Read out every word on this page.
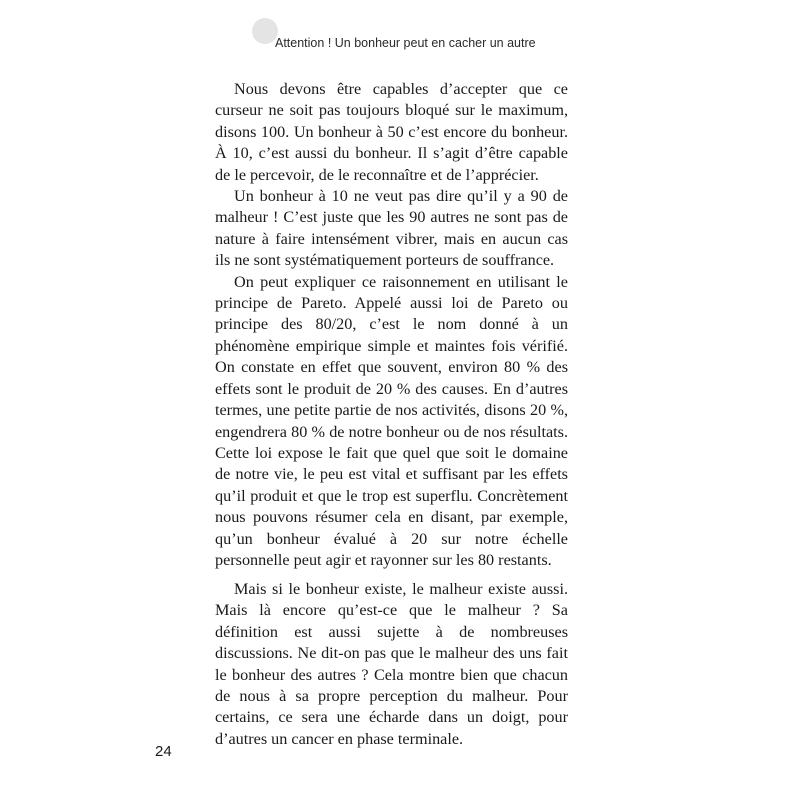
Attention ! Un bonheur peut en cacher un autre

Nous devons être capables d’accepter que ce curseur ne soit pas toujours bloqué sur le maximum, disons 100. Un bonheur à 50 c’est encore du bonheur. À 10, c’est aussi du bonheur. Il s’agit d’être capable de le percevoir, de le reconnaître et de l’apprécier.

Un bonheur à 10 ne veut pas dire qu’il y a 90 de malheur ! C’est juste que les 90 autres ne sont pas de nature à faire intensément vibrer, mais en aucun cas ils ne sont systématiquement porteurs de souffrance.

On peut expliquer ce raisonnement en utilisant le principe de Pareto. Appelé aussi loi de Pareto ou principe des 80/20, c’est le nom donné à un phénomène empirique simple et maintes fois vérifié. On constate en effet que souvent, environ 80 % des effets sont le produit de 20 % des causes. En d’autres termes, une petite partie de nos activités, disons 20 %, engendrera 80 % de notre bonheur ou de nos résultats. Cette loi expose le fait que quel que soit le domaine de notre vie, le peu est vital et suffisant par les effets qu’il produit et que le trop est superflu. Concrètement nous pouvons résumer cela en disant, par exemple, qu’un bonheur évalué à 20 sur notre échelle personnelle peut agir et rayonner sur les 80 restants.

Mais si le bonheur existe, le malheur existe aussi. Mais là encore qu’est-ce que le malheur ? Sa définition est aussi sujette à de nombreuses discussions. Ne dit-on pas que le malheur des uns fait le bonheur des autres ? Cela montre bien que chacun de nous à sa propre perception du malheur. Pour certains, ce sera une écharde dans un doigt, pour d’autres un cancer en phase terminale.

24
